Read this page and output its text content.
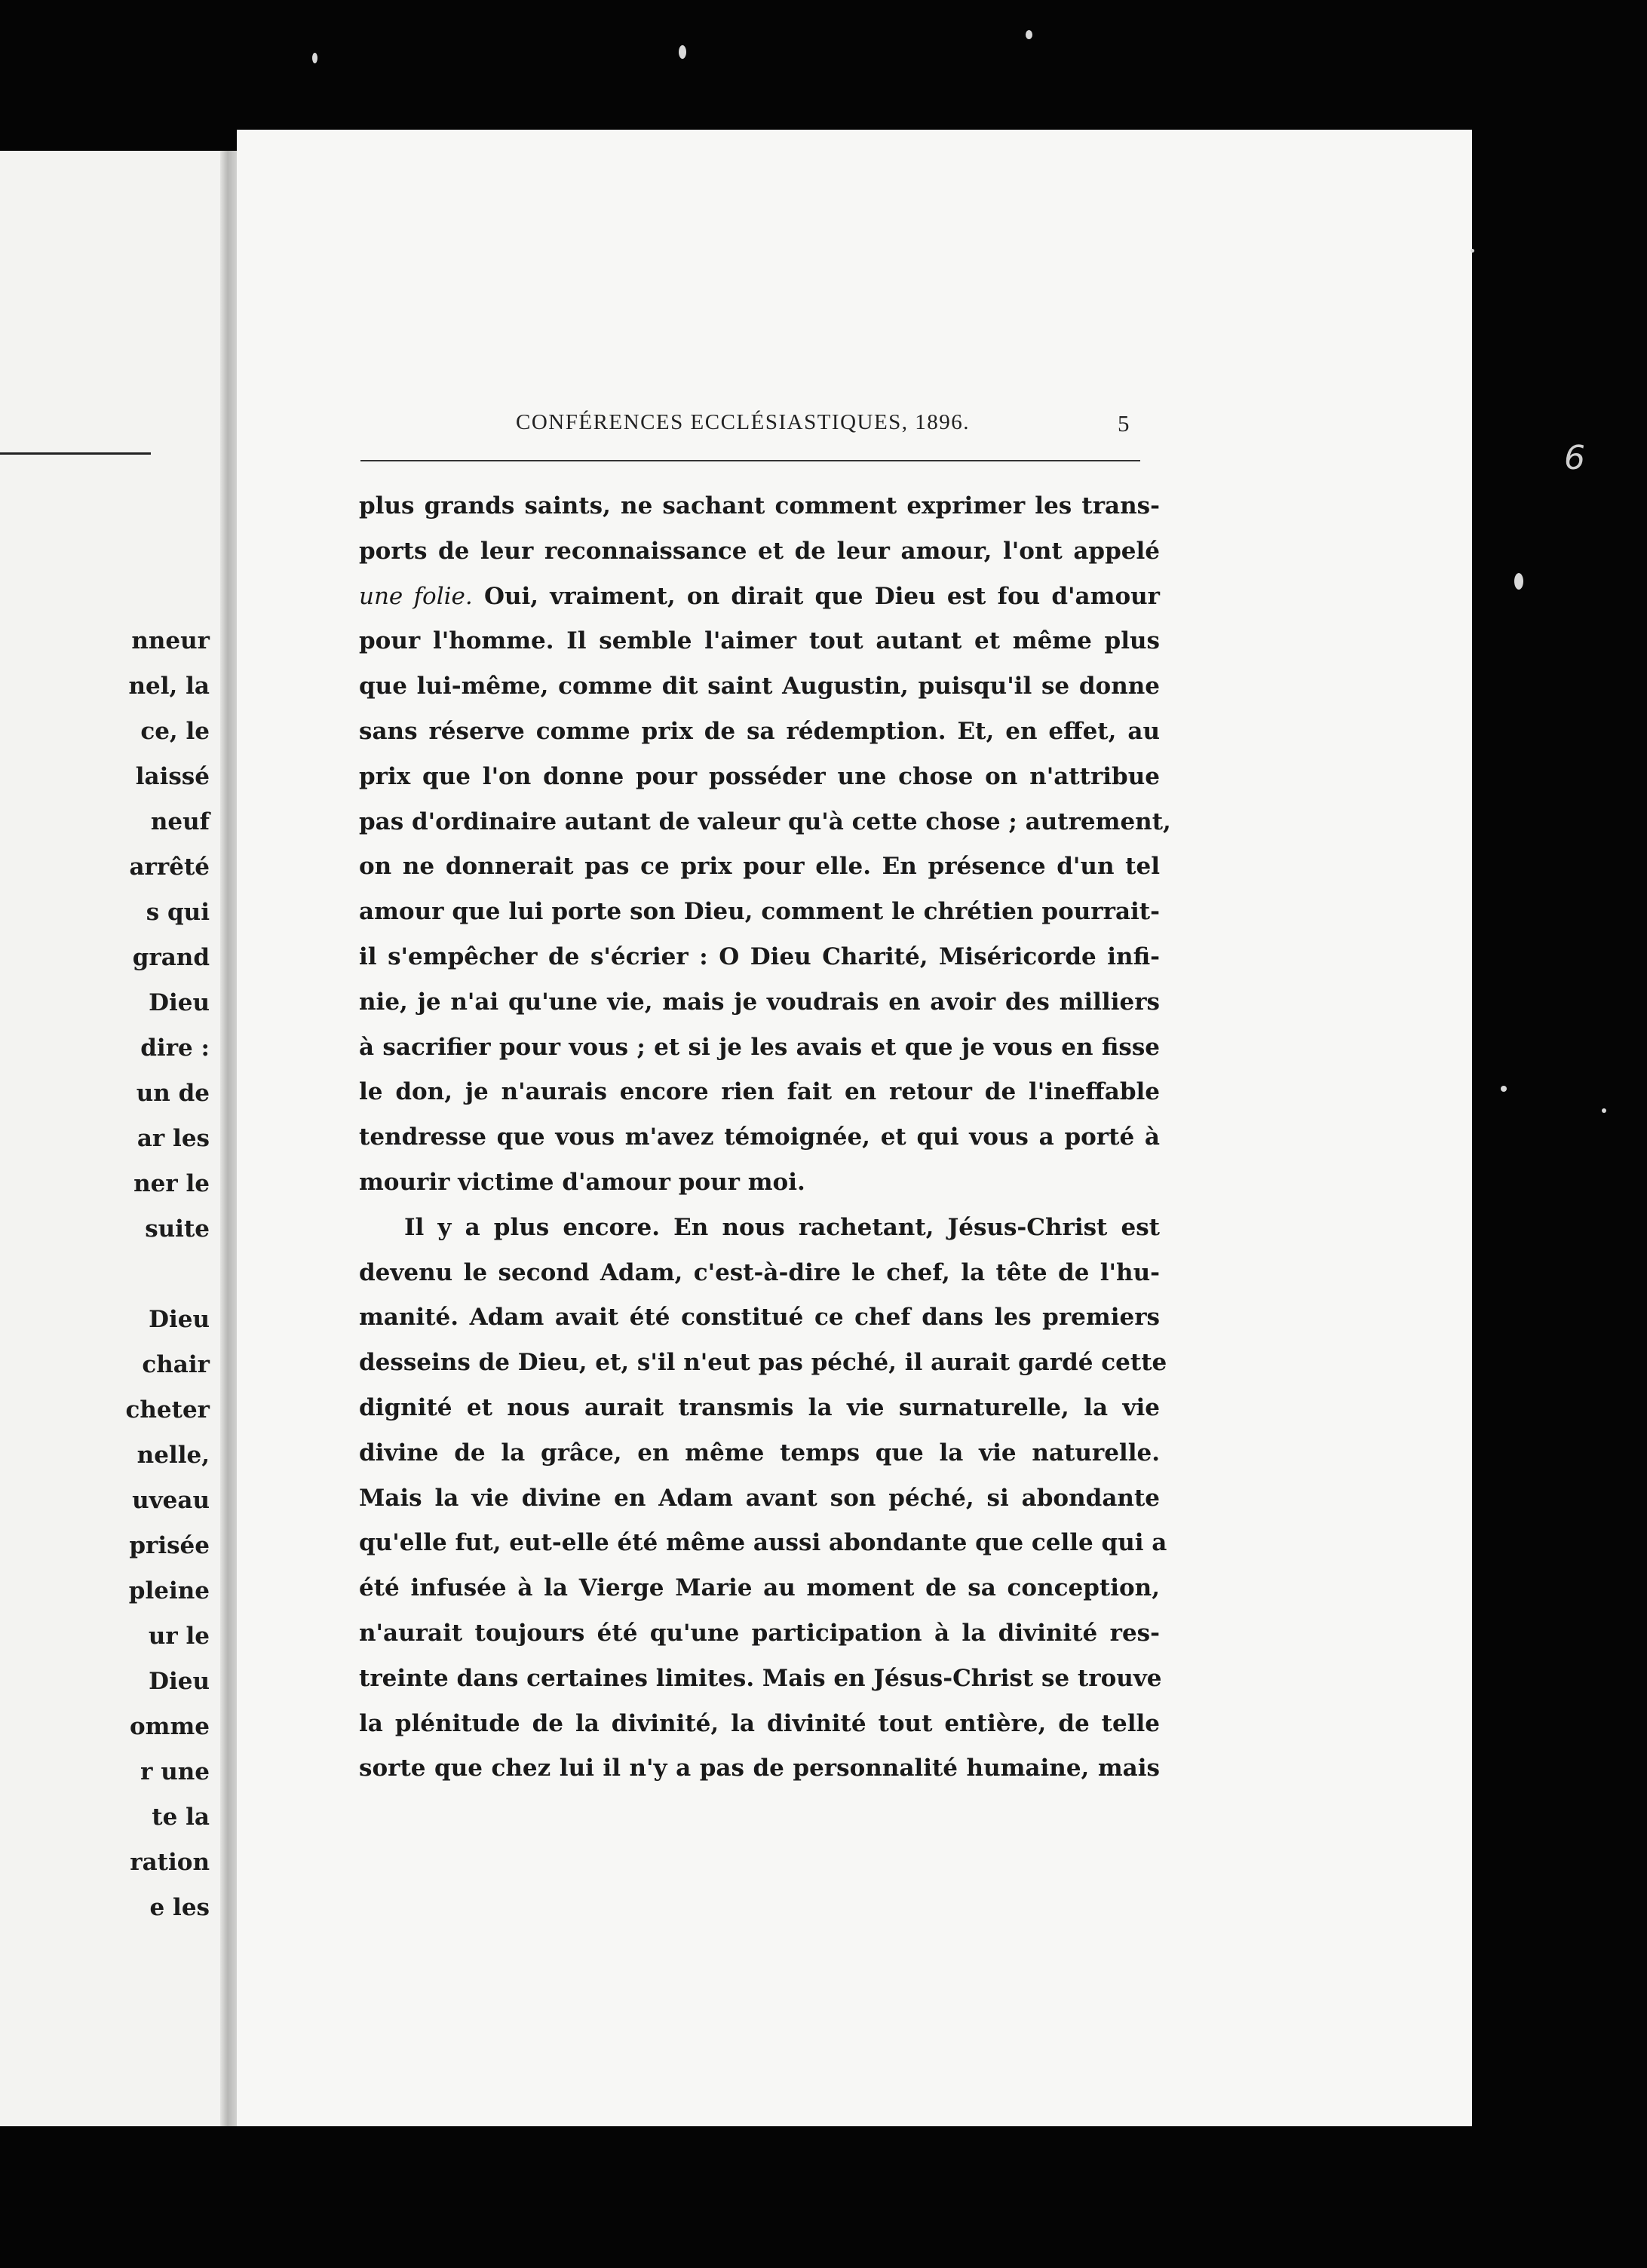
nneur
nel, la
ce, le
laissé
neuf
arrêté
s qui
grand
Dieu
dire :
un de
ar les
ner le
suite
Dieu
chair
cheter
nelle,
uveau
prisée
pleine
ur le
Dieu
omme
r une
te la
ration
e les
CONFÉRENCES ECCLÉSIASTIQUES, 1896.	5
plus grands saints, ne sachant comment exprimer les trans-
ports de leur reconnaissance et de leur amour, l'ont appelé
une folie. Oui, vraiment, on dirait que Dieu est fou d'amour
pour l'homme. Il semble l'aimer tout autant et même plus
que lui-même, comme dit saint Augustin, puisqu'il se donne
sans réserve comme prix de sa rédemption. Et, en effet, au
prix que l'on donne pour posséder une chose on n'attribue
pas d'ordinaire autant de valeur qu'à cette chose ; autrement,
on ne donnerait pas ce prix pour elle. En présence d'un tel
amour que lui porte son Dieu, comment le chrétien pourrait-
il s'empêcher de s'écrier : O Dieu Charité, Miséricorde infi-
nie, je n'ai qu'une vie, mais je voudrais en avoir des milliers
à sacrifier pour vous ; et si je les avais et que je vous en fisse
le don, je n'aurais encore rien fait en retour de l'ineffable
tendresse que vous m'avez témoignée, et qui vous a porté à
mourir victime d'amour pour moi.
Il y a plus encore. En nous rachetant, Jésus-Christ est
devenu le second Adam, c'est-à-dire le chef, la tête de l'hu-
manité. Adam avait été constitué ce chef dans les premiers
desseins de Dieu, et, s'il n'eut pas péché, il aurait gardé cette
dignité et nous aurait transmis la vie surnaturelle, la vie
divine de la grâce, en même temps que la vie naturelle.
Mais la vie divine en Adam avant son péché, si abondante
qu'elle fut, eut-elle été même aussi abondante que celle qui a
été infusée à la Vierge Marie au moment de sa conception,
n'aurait toujours été qu'une participation à la divinité res-
treinte dans certaines limites. Mais en Jésus-Christ se trouve
la plénitude de la divinité, la divinité tout entière, de telle
sorte que chez lui il n'y a pas de personnalité humaine, mais
6
